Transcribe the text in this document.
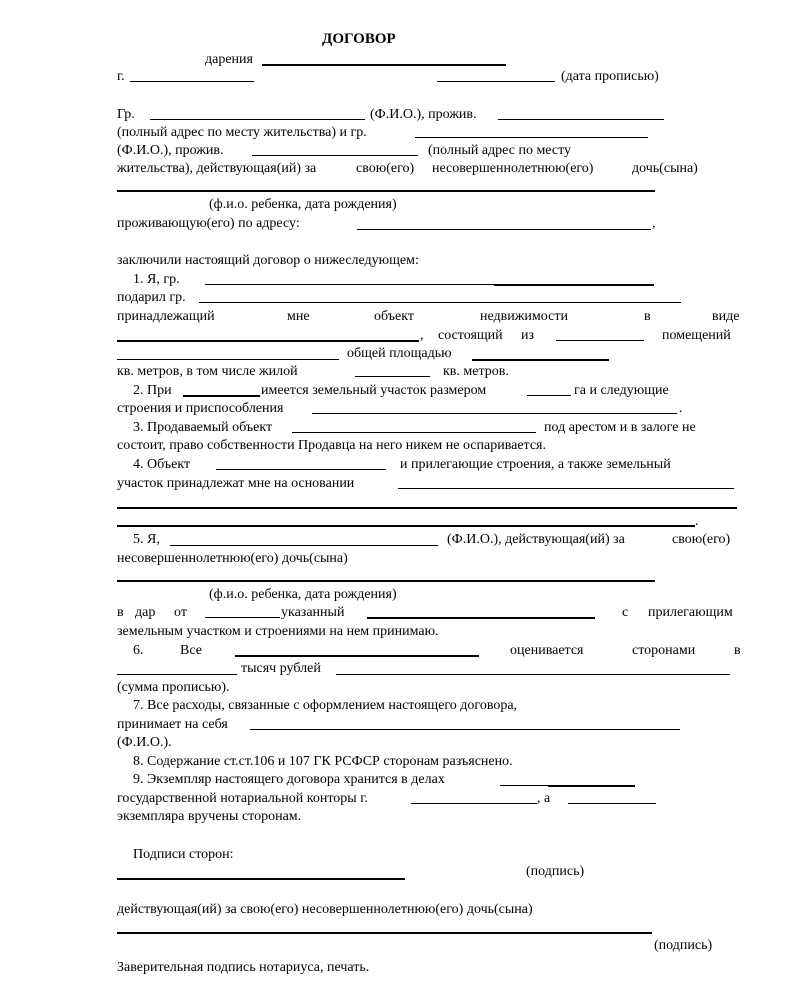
ДОГОВОР
дарения
г.	(дата прописью)
Гр.	(Ф.И.О.), прожив.
(полный адрес по месту жительства) и гр.
(Ф.И.О.), прожив.	(полный адрес по месту
жительства), действующая(ий) за	свою(его) несовершеннолетнюю(его)	дочь(сына)
(ф.и.о. ребенка, дата рождения)
проживающую(его) по адресу:	,
заключили настоящий договор о нижеследующем:
1. Я, гр.
подарил гр.
принадлежащий	мне	объект	недвижимости	в	виде
, состоящий из	помещений
общей площадью
кв. метров, в том числе жилой	кв. метров.
2. При	имеется земельный участок размером	га и следующие
строения и приспособления	.
3. Продаваемый объект	под арестом и в залоге не
состоит, право собственности Продавца на него никем не оспаривается.
4. Объект	и прилегающие строения, а также земельный
участок принадлежат мне на основании
.
5. Я,	(Ф.И.О.), действующая(ий) за	свою(его)
несовершеннолетнюю(его) дочь(сына)
(ф.и.о. ребенка, дата рождения)
в дар от	указанный	с прилегающим
земельным участком и строениями на нем принимаю.
6.	Все	оценивается	сторонами	в
тысяч рублей
(сумма прописью).
7. Все расходы, связанные с оформлением настоящего договора,
принимает на себя
(Ф.И.О.).
8. Содержание ст.ст.106 и 107 ГК РСФСР сторонам разъяснено.
9. Экземпляр настоящего договора хранится в делах
государственной нотариальной конторы г.	, а
экземпляра вручены сторонам.
Подписи сторон:
(подпись)
действующая(ий) за свою(его) несовершеннолетнюю(его) дочь(сына)
(подпись)
Заверительная подпись нотариуса, печать.
